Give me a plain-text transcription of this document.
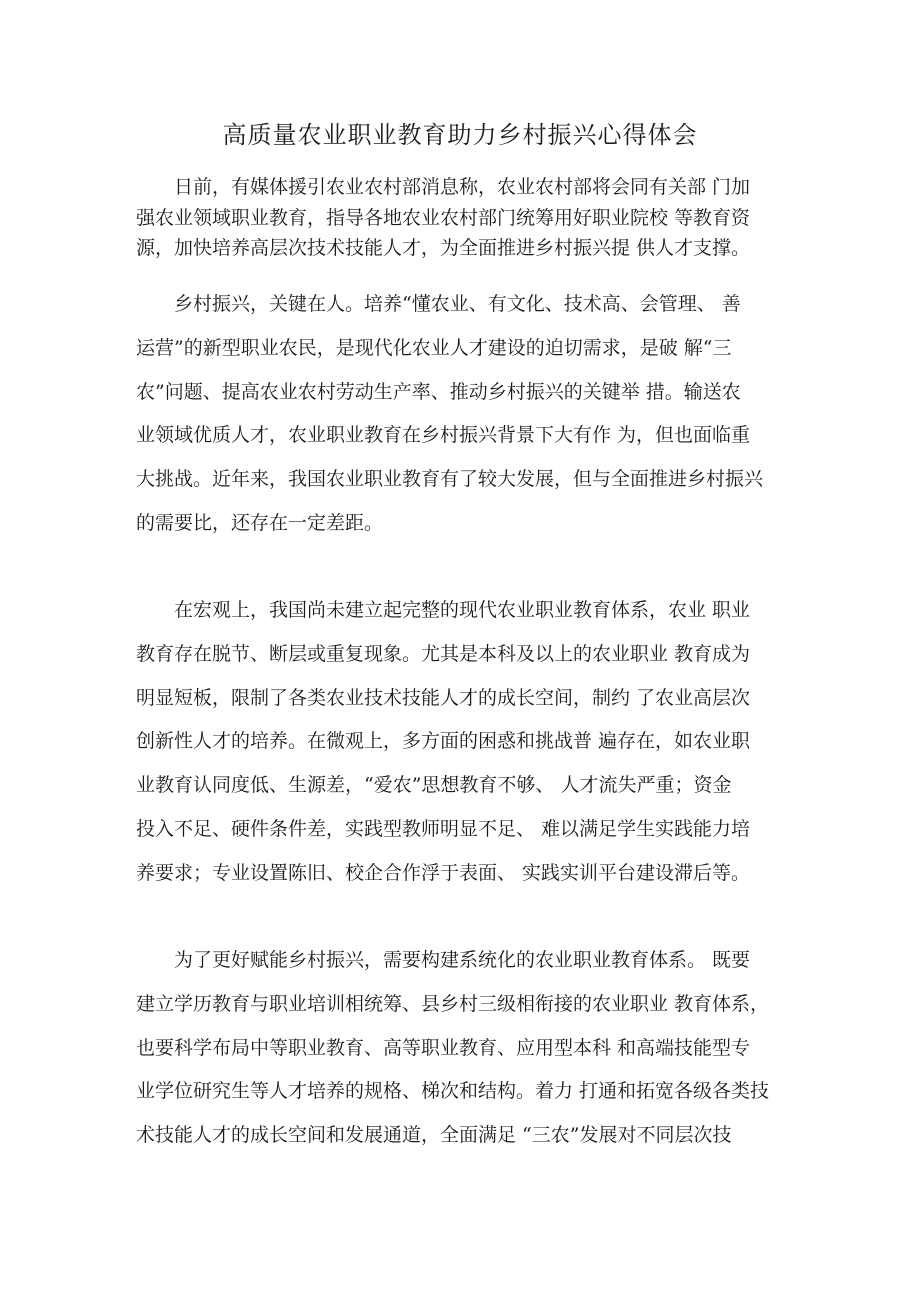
高质量农业职业教育助力乡村振兴心得体会
　　日前，有媒体援引农业农村部消息称，农业农村部将会同有关部 门加
强农业领域职业教育，指导各地农业农村部门统筹用好职业院校 等教育资
源，加快培养高层次技术技能人才，为全面推进乡村振兴提 供人才支撑。
　　乡村振兴，关键在人。培养“懂农业、有文化、技术高、会管理、 善
运营”的新型职业农民，是现代化农业人才建设的迫切需求，是破 解“三
农”问题、提高农业农村劳动生产率、推动乡村振兴的关键举 措。输送农
业领域优质人才，农业职业教育在乡村振兴背景下大有作 为，但也面临重
大挑战。近年来，我国农业职业教育有了较大发展，但与全面推进乡村振兴
的需要比，还存在一定差距。
　　在宏观上，我国尚未建立起完整的现代农业职业教育体系，农业 职业
教育存在脱节、断层或重复现象。尤其是本科及以上的农业职业 教育成为
明显短板，限制了各类农业技术技能人才的成长空间，制约 了农业高层次
创新性人才的培养。在微观上，多方面的困惑和挑战普 遍存在，如农业职
业教育认同度低、生源差，“爱农”思想教育不够、 人才流失严重；资金
投入不足、硬件条件差，实践型教师明显不足、 难以满足学生实践能力培
养要求；专业设置陈旧、校企合作浮于表面、 实践实训平台建设滞后等。
　　为了更好赋能乡村振兴，需要构建系统化的农业职业教育体系。 既要
建立学历教育与职业培训相统筹、县乡村三级相衔接的农业职业 教育体系，
也要科学布局中等职业教育、高等职业教育、应用型本科 和高端技能型专
业学位研究生等人才培养的规格、梯次和结构。着力 打通和拓宽各级各类技
术技能人才的成长空间和发展通道，全面满足 “三农”发展对不同层次技
